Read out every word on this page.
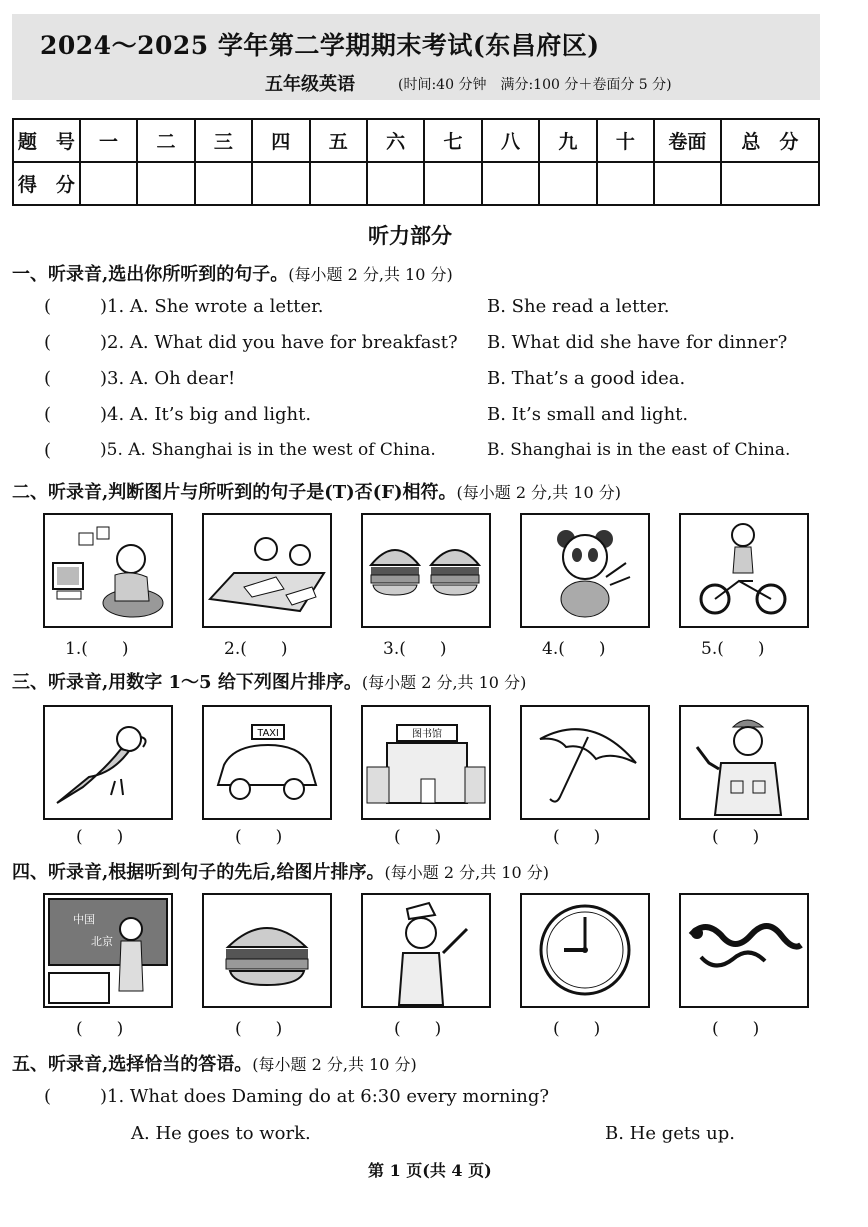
2024～2025 学年第二学期期末考试(东昌府区)
五年级英语	(时间:40 分钟　满分:100 分＋卷面分 5 分)
题　号	一	二	三	四	五	六	七	八	九	十	卷面	总　分
得　分												
听力部分
一、听录音,选出你所听到的句子。(每小题 2 分,共 10 分)
(	)1. A. She wrote a letter.	B. She read a letter.
(	)2. A. What did you have for breakfast? B. What did she have for dinner?
(	)3. A. Oh dear!	B. That’s a good idea.
(	)4. A. It’s big and light.	B. It’s small and light.
(	)5. A. Shanghai is in the west of China.	B. Shanghai is in the east of China.
二、听录音,判断图片与所听到的句子是(T)否(F)相符。(每小题 2 分,共 10 分)
1.(　　)	2.(　　)	3.(　　)	4.(　　)	5.(　　)
三、听录音,用数字 1～5 给下列图片排序。(每小题 2 分,共 10 分)
TAXI	图书馆
(　　)	(　　)	(　　)	(　　)	(　　)
四、听录音,根据听到句子的先后,给图片排序。(每小题 2 分,共 10 分)
中国
北京
(　　)	(　　)	(　　)	(　　)	(　　)
五、听录音,选择恰当的答语。(每小题 2 分,共 10 分)
(	)1. What does Daming do at 6:30 every morning?
A. He goes to work.	B. He gets up.
第 1 页(共 4 页)
